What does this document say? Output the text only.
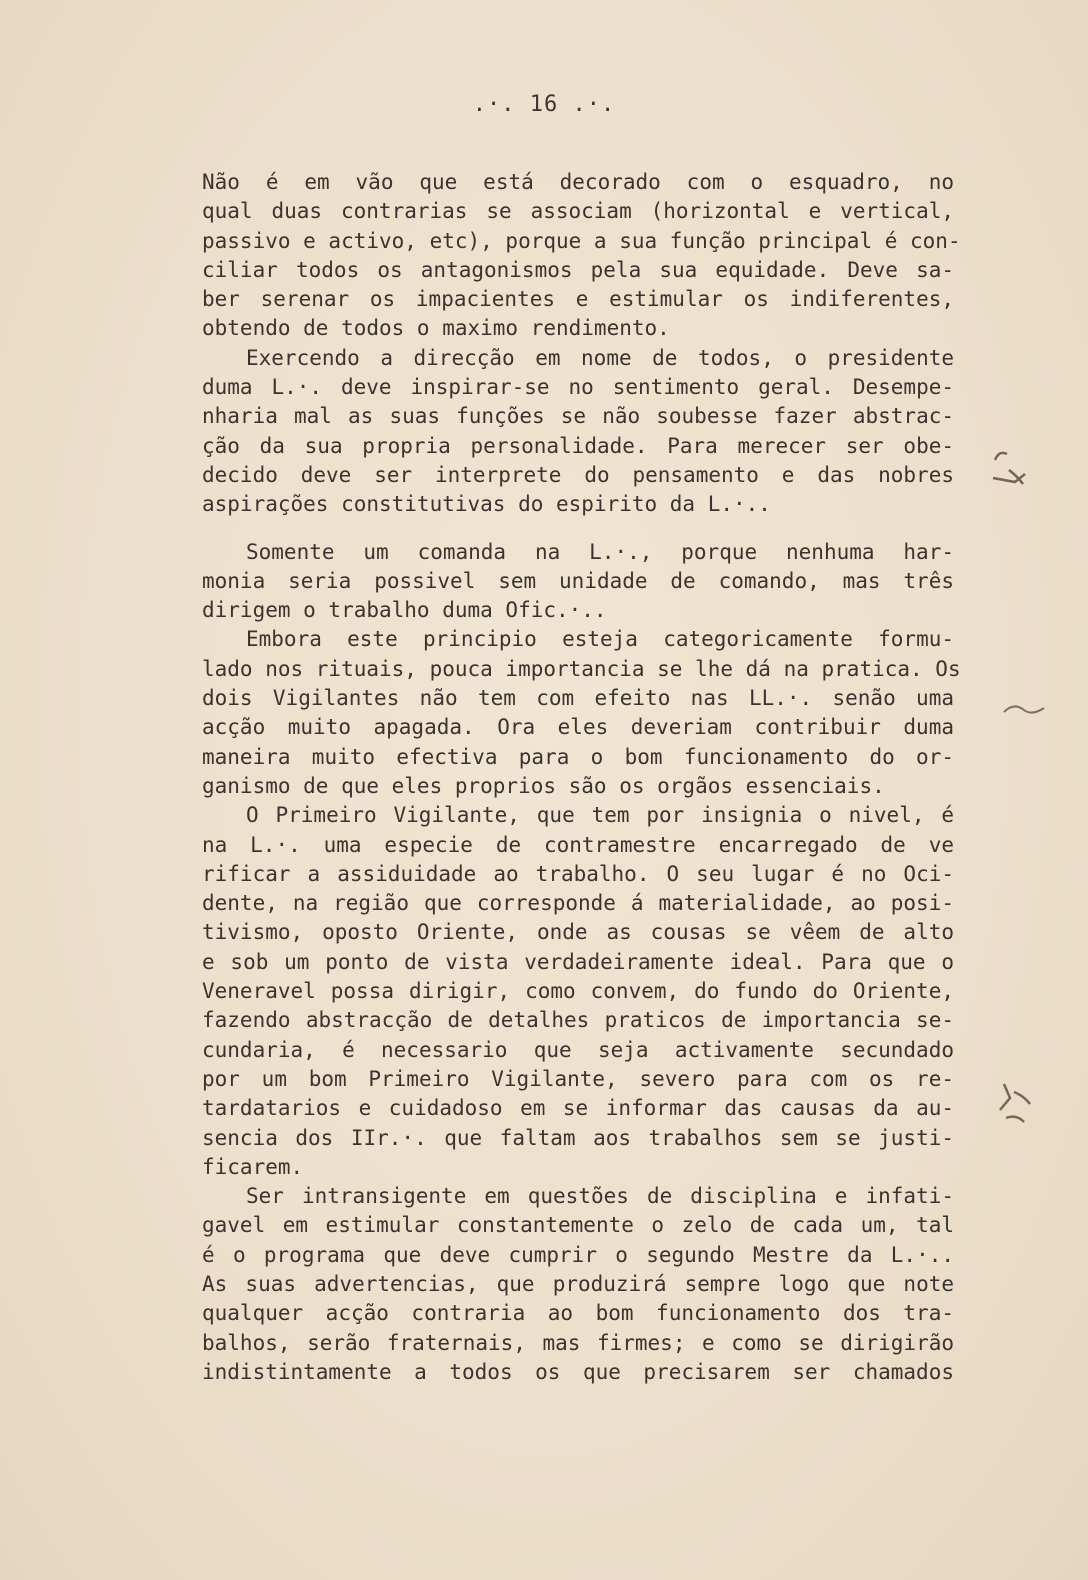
.·. 16 .·.
Não é em vão que está decorado com o esquadro, no
qual duas contrarias se associam (horizontal e vertical,
passivo e activo, etc), porque a sua função principal é con-
ciliar todos os antagonismos pela sua equidade. Deve sa-
ber serenar os impacientes e estimular os indiferentes,
obtendo de todos o maximo rendimento.
Exercendo a direcção em nome de todos, o presidente
duma L.·. deve inspirar-se no sentimento geral. Desempe-
nharia mal as suas funções se não soubesse fazer abstrac-
ção da sua propria personalidade. Para merecer ser obe-
decido deve ser interprete do pensamento e das nobres
aspirações constitutivas do espirito da L.·..
Somente um comanda na L.·., porque nenhuma har-
monia seria possivel sem unidade de comando, mas três
dirigem o trabalho duma Ofic.·..
Embora este principio esteja categoricamente formu-
lado nos rituais, pouca importancia se lhe dá na pratica. Os
dois Vigilantes não tem com efeito nas LL.·. senão uma
acção muito apagada. Ora eles deveriam contribuir duma
maneira muito efectiva para o bom funcionamento do or-
ganismo de que eles proprios são os orgãos essenciais.
O Primeiro Vigilante, que tem por insignia o nivel, é
na L.·. uma especie de contramestre encarregado de ve
rificar a assiduidade ao trabalho. O seu lugar é no Oci-
dente, na região que corresponde á materialidade, ao posi-
tivismo, oposto Oriente, onde as cousas se vêem de alto
e sob um ponto de vista verdadeiramente ideal. Para que o
Veneravel possa dirigir, como convem, do fundo do Oriente,
fazendo abstracção de detalhes praticos de importancia se-
cundaria, é necessario que seja activamente secundado
por um bom Primeiro Vigilante, severo para com os re-
tardatarios e cuidadoso em se informar das causas da au-
sencia dos IIr.·. que faltam aos trabalhos sem se justi-
ficarem.
Ser intransigente em questões de disciplina e infati-
gavel em estimular constantemente o zelo de cada um, tal
é o programa que deve cumprir o segundo Mestre da L.·..
As suas advertencias, que produzirá sempre logo que note
qualquer acção contraria ao bom funcionamento dos tra-
balhos, serão fraternais, mas firmes; e como se dirigirão
indistintamente a todos os que precisarem ser chamados
